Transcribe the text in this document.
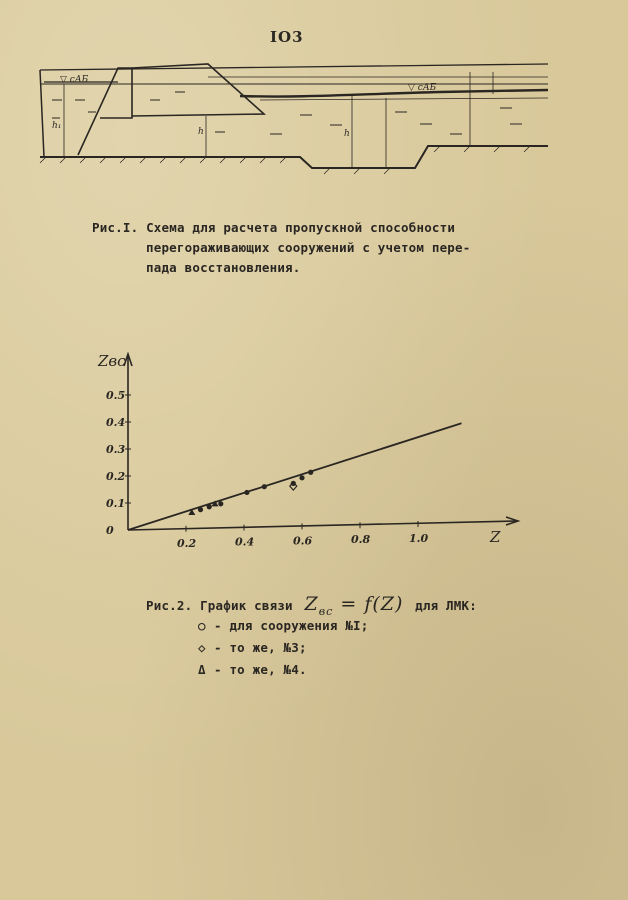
IO3
▽ сАБ
▽ сАБ
h₁
h	h
Рис.I. Схема для расчета пропускной способности
перегораживающих сооружений с учетом пере-
пада восстановления.
Zвс
Z
0.2	0.4	0.6	0.8	1.0
0
0.1
0.2
0.3
0.4
0.5
Рис.2. График связи $Z_{вс} = f(Z)$ для ЛМК:
○ - для сооружения №I;
◇ - то же, №3;
Δ - то же, №4.
